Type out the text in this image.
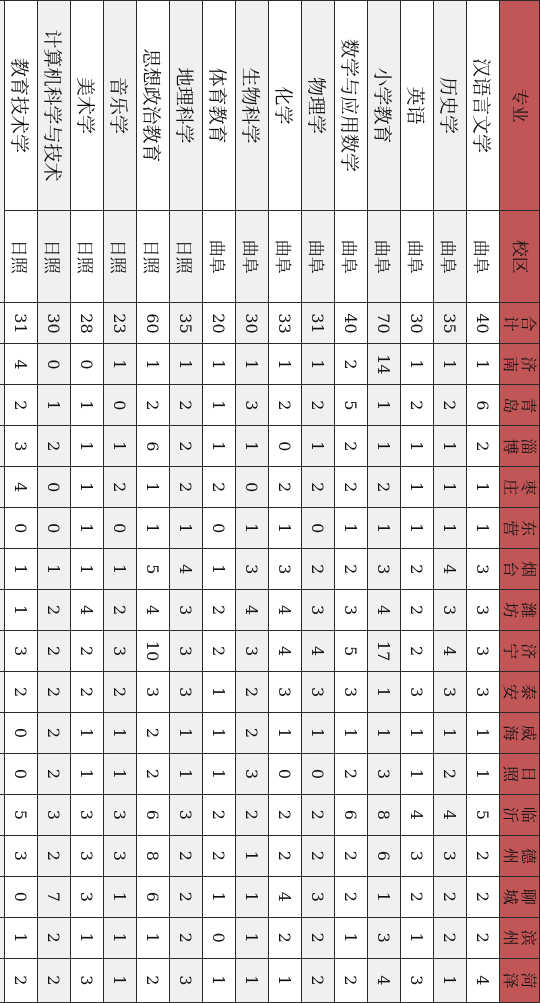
专业	校区	合计	济南	青岛	淄博	枣庄	东营	烟台	潍坊	济宁	泰安	威海	日照	临沂	德州	聊城	滨州	菏泽
汉语言文学	曲阜	40	1	6	2	1	1	3	3	3	3	1	1	5	2	2	2	4
历史学	曲阜	35	1	2	1	1	1	4	3	4	3	1	2	4	3	2	2	1
英语	曲阜	30	1	2	1	1	1	2	2	2	3	1	1	4	3	2	1	3
小学教育	曲阜	70	14	1	1	2	1	3	4	17	1	1	3	8	6	1	3	4
数学与应用数学	曲阜	40	2	5	2	2	1	2	3	5	3	1	2	6	2	2	1	2
物理学	曲阜	31	1	2	1	2	0	2	3	4	3	1	0	2	2	3	2	2
化学	曲阜	33	1	2	0	2	1	3	4	4	3	1	0	2	2	4	2	1
生物科学	曲阜	30	1	3	1	0	1	3	4	3	2	2	3	2	1	1	1	1
体育教育	曲阜	20	1	1	1	2	0	1	2	2	1	1	1	2	2	1	0	1
地理科学	日照	35	1	2	2	2	1	4	3	3	3	1	1	3	2	2	2	3
思想政治教育	日照	60	1	2	6	1	1	5	4	10	3	2	2	6	8	6	1	2
音乐学	日照	23	1	0	1	2	0	1	2	3	2	1	1	3	3	1	1	1
美术学	日照	28	0	1	1	1	1	1	4	2	2	1	1	3	3	3	1	3
计算机科学与技术	日照	30	0	1	2	0	0	1	2	2	2	2	2	3	2	7	2	2
教育技术学	日照	31	4	2	3	4	0	1	1	3	2	0	0	5	3	0	1	2
